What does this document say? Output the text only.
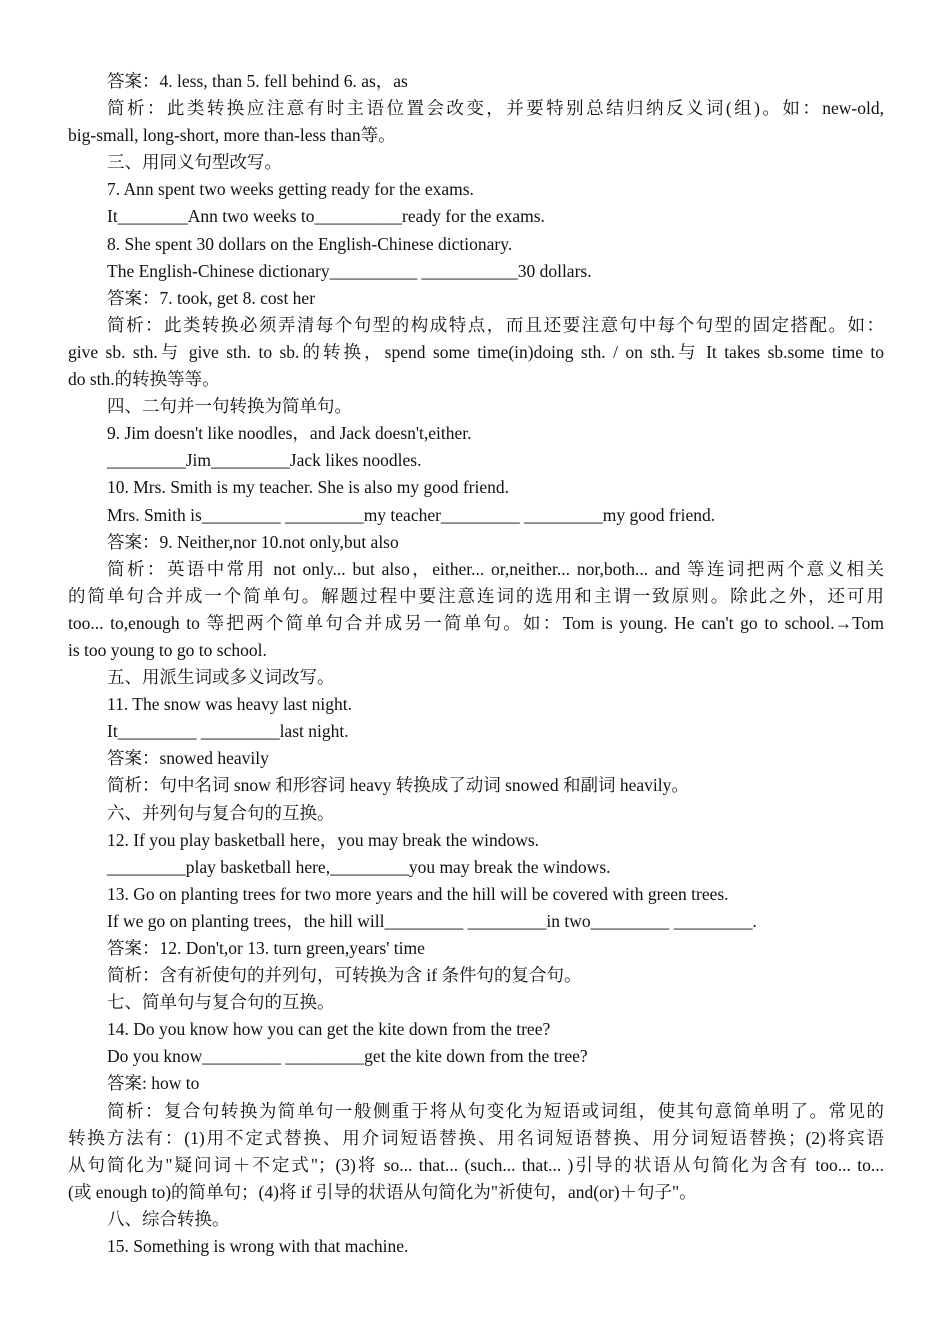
答案：4. less, than 5. fell behind 6. as，as
简析：此类转换应注意有时主语位置会改变，并要特别总结归纳反义词(组)。如：new-old,
big-small, long-short, more than-less than等。
三、用同义句型改写。
7. Ann spent two weeks getting ready for the exams.
It________Ann two weeks to__________ready for the exams.
8. She spent 30 dollars on the English-Chinese dictionary.
The English-Chinese dictionary__________ ___________30 dollars.
答案：7. took, get 8. cost her
简析：此类转换必须弄清每个句型的构成特点，而且还要注意句中每个句型的固定搭配。如：
give sb. sth.与 give sth. to sb.的转换，spend some time(in)doing sth. / on sth.与 It takes sb.some time to
do sth.的转换等等。
四、二句并一句转换为简单句。
9. Jim doesn't like noodles，and Jack doesn't,either.
_________Jim_________Jack likes noodles.
10. Mrs. Smith is my teacher. She is also my good friend.
Mrs. Smith is_________ _________my teacher_________ _________my good friend.
答案：9. Neither,nor 10.not only,but also
简析：英语中常用 not only... but also，either... or,neither... nor,both... and 等连词把两个意义相关
的简单句合并成一个简单句。解题过程中要注意连词的选用和主谓一致原则。除此之外，还可用
too... to,enough to 等把两个简单句合并成另一简单句。如：Tom is young. He can't go to school.→Tom
is too young to go to school.
五、用派生词或多义词改写。
11. The snow was heavy last night.
It_________ _________last night.
答案：snowed heavily
简析：句中名词 snow 和形容词 heavy 转换成了动词 snowed 和副词 heavily。
六、并列句与复合句的互换。
12. If you play basketball here，you may break the windows.
_________play basketball here,_________you may break the windows.
13. Go on planting trees for two more years and the hill will be covered with green trees.
If we go on planting trees，the hill will_________ _________in two_________ _________.
答案：12. Don't,or 13. turn green,years' time
简析：含有祈使句的并列句，可转换为含 if 条件句的复合句。
七、简单句与复合句的互换。
14. Do you know how you can get the kite down from the tree?
Do you know_________ _________get the kite down from the tree?
答案: how to
简析：复合句转换为简单句一般侧重于将从句变化为短语或词组，使其句意简单明了。常见的
转换方法有：(1)用不定式替换、用介词短语替换、用名词短语替换、用分词短语替换；(2)将宾语
从句简化为"疑问词＋不定式"；(3)将 so... that... (such... that... )引导的状语从句简化为含有 too... to...
(或 enough to)的简单句；(4)将 if 引导的状语从句简化为"祈使句，and(or)＋句子"。
八、综合转换。
15. Something is wrong with that machine.
